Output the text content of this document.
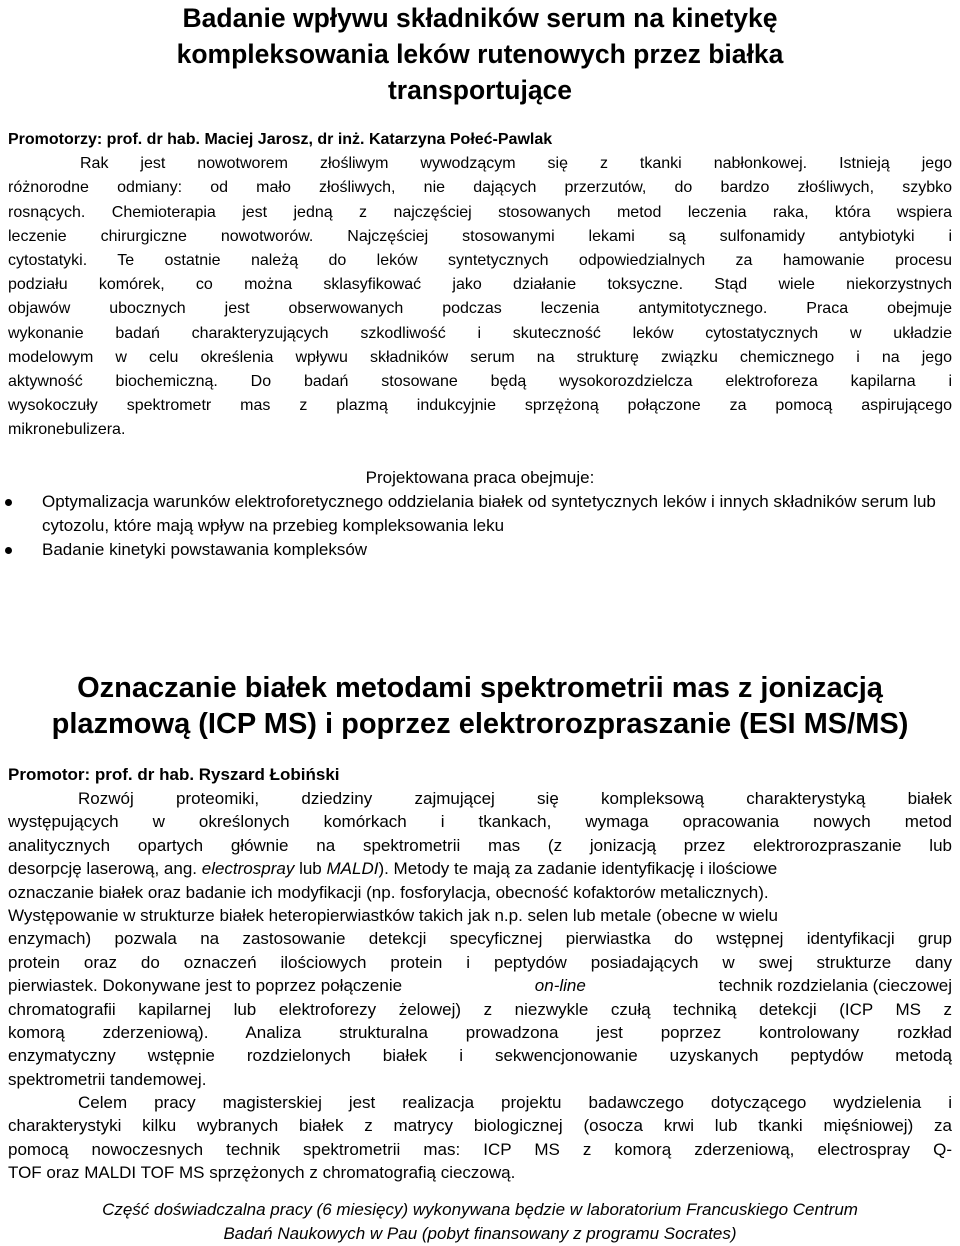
Badanie wpływu składników serum na kinetykę
kompleksowania leków rutenowych przez białka
transportujące
Promotorzy: prof. dr hab. Maciej Jarosz, dr inż. Katarzyna Połeć-Pawlak
Rak jest nowotworem złośliwym wywodzącym się z tkanki nabłonkowej. Istnieją jego
różnorodne odmiany: od mało złośliwych, nie dających przerzutów, do bardzo złośliwych, szybko
rosnących. Chemioterapia jest jedną z najczęściej stosowanych metod leczenia raka, która wspiera
leczenie chirurgiczne nowotworów. Najczęściej stosowanymi lekami są sulfonamidy antybiotyki i
cytostatyki. Te ostatnie należą do leków syntetycznych odpowiedzialnych za hamowanie procesu
podziału komórek, co można sklasyfikować jako działanie toksyczne. Stąd wiele niekorzystnych
objawów ubocznych jest obserwowanych podczas leczenia antymitotycznego. Praca obejmuje
wykonanie badań charakteryzujących szkodliwość i skuteczność leków cytostatycznych w układzie
modelowym w celu określenia wpływu składników serum na strukturę związku chemicznego i na jego
aktywność biochemiczną. Do badań stosowane będą wysokorozdzielcza elektroforeza kapilarna i
wysokoczuły spektrometr mas z plazmą indukcyjnie sprzężoną połączone za pomocą aspirującego
mikronebulizera.

Projektowana praca obejmuje:

Optymalizacja warunków elektroforetycznego oddzielania białek od syntetycznych leków i innych składników serum lub cytozolu, które mają wpływ na przebieg kompleksowania leku
Badanie kinetyki powstawania kompleksów
Oznaczanie białek metodami spektrometrii mas z jonizacją
plazmową (ICP MS) i poprzez elektrorozpraszanie (ESI MS/MS)

Promotor: prof. dr hab. Ryszard Łobiński

Rozwój proteomiki, dziedziny zajmującej się kompleksową charakterystyką białek
występujących w określonych komórkach i tkankach, wymaga opracowania nowych metod
analitycznych opartych głównie na spektrometrii mas (z jonizacją przez elektrorozpraszanie lub
desorpcję laserową, ang. electrospray lub MALDI). Metody te mają za zadanie identyfikację i ilościowe
oznaczanie białek oraz badanie ich modyfikacji (np. fosforylacja, obecność kofaktorów metalicznych).
Występowanie w strukturze białek heteropierwiastków takich jak n.p. selen lub metale (obecne w wielu
enzymach) pozwala na zastosowanie detekcji specyficznej pierwiastka do wstępnej identyfikacji grup
protein oraz do oznaczeń ilościowych protein i peptydów posiadających w swej strukturze dany
pierwiastek. Dokonywane jest to poprzez połączenie	on-line	technik rozdzielania (cieczowej
chromatografii kapilarnej lub elektroforezy żelowej) z niezwykle czułą techniką detekcji (ICP MS z
komorą zderzeniową). Analiza strukturalna prowadzona jest poprzez kontrolowany rozkład
enzymatyczny wstępnie rozdzielonych białek i sekwencjonowanie uzyskanych peptydów metodą
spektrometrii tandemowej.
Celem pracy magisterskiej jest realizacja projektu badawczego dotyczącego wydzielenia i
charakterystyki kilku wybranych białek z matrycy biologicznej (osocza krwi lub tkanki mięśniowej) za
pomocą nowoczesnych technik spektrometrii mas: ICP MS z komorą zderzeniową, electrospray Q-
TOF oraz MALDI TOF MS sprzężonych z chromatografią cieczową.

Część doświadczalna pracy (6 miesięcy) wykonywana będzie w laboratorium Francuskiego Centrum
Badań Naukowych w Pau (pobyt finansowany z programu Socrates)
